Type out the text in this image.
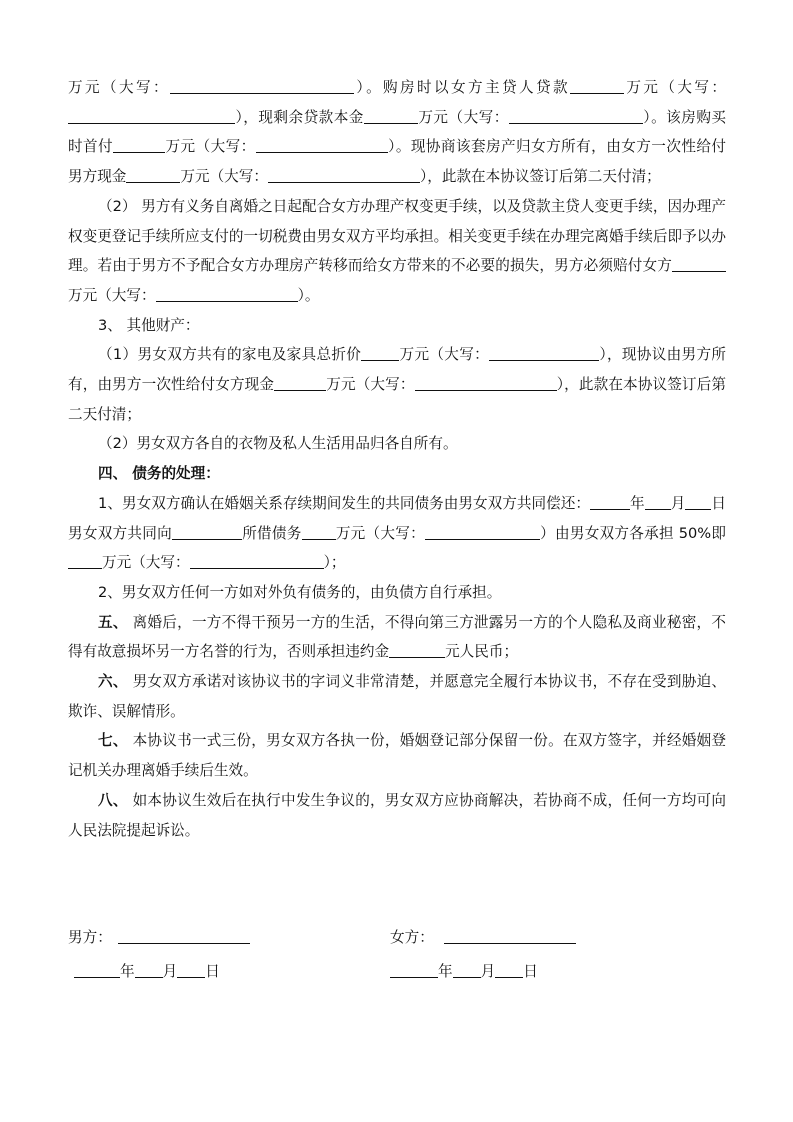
万元（大写：	）。购房时以女方主贷人贷款	万元（大写：），现剩余贷款本金	万元（大写：	）。该房购买时首付	万元（大写：	）。现协商该套房产归女方所有，由女方一次性给付男方现金	万元（大写：	），此款在本协议签订后第二天付清；

（2） 男方有义务自离婚之日起配合女方办理产权变更手续，以及贷款主贷人变更手续，因办理产权变更登记手续所应支付的一切税费由男女双方平均承担。相关变更手续在办理完离婚手续后即予以办理。若由于男方不予配合女方办理房产转移而给女方带来的不必要的损失，男方必须赔付女方万元（大写：	）。

3、 其他财产：

（1）男女双方共有的家电及家具总折价	万元（大写：	），现协议由男方所有，由男方一次性给付女方现金	万元（大写：	），此款在本协议签订后第二天付清；

（2）男女双方各自的衣物及私人生活用品归各自所有。

四、 债务的处理：

1、男女双方确认在婚姻关系存续期间发生的共同债务由男女双方共同偿还：	年 月 日男女双方共同向	所借债务 万元（大写：	）由男女双方各承担 50%即万元（大写：	）；

2、男女双方任何一方如对外负有债务的，由负债方自行承担。

五、 离婚后，一方不得干预另一方的生活，不得向第三方泄露另一方的个人隐私及商业秘密，不得有故意损坏另一方名誉的行为，否则承担违约金	元人民币；

六、 男女双方承诺对该协议书的字词义非常清楚，并愿意完全履行本协议书，不存在受到胁迫、欺诈、误解情形。

七、 本协议书一式三份，男女双方各执一份，婚姻登记部分保留一份。在双方签字，并经婚姻登记机关办理离婚手续后生效。

八、 如本协议生效后在执行中发生争议的，男女双方应协商解决，若协商不成，任何一方均可向人民法院提起诉讼。

男方：
年 月 日
女方：
年 月 日
